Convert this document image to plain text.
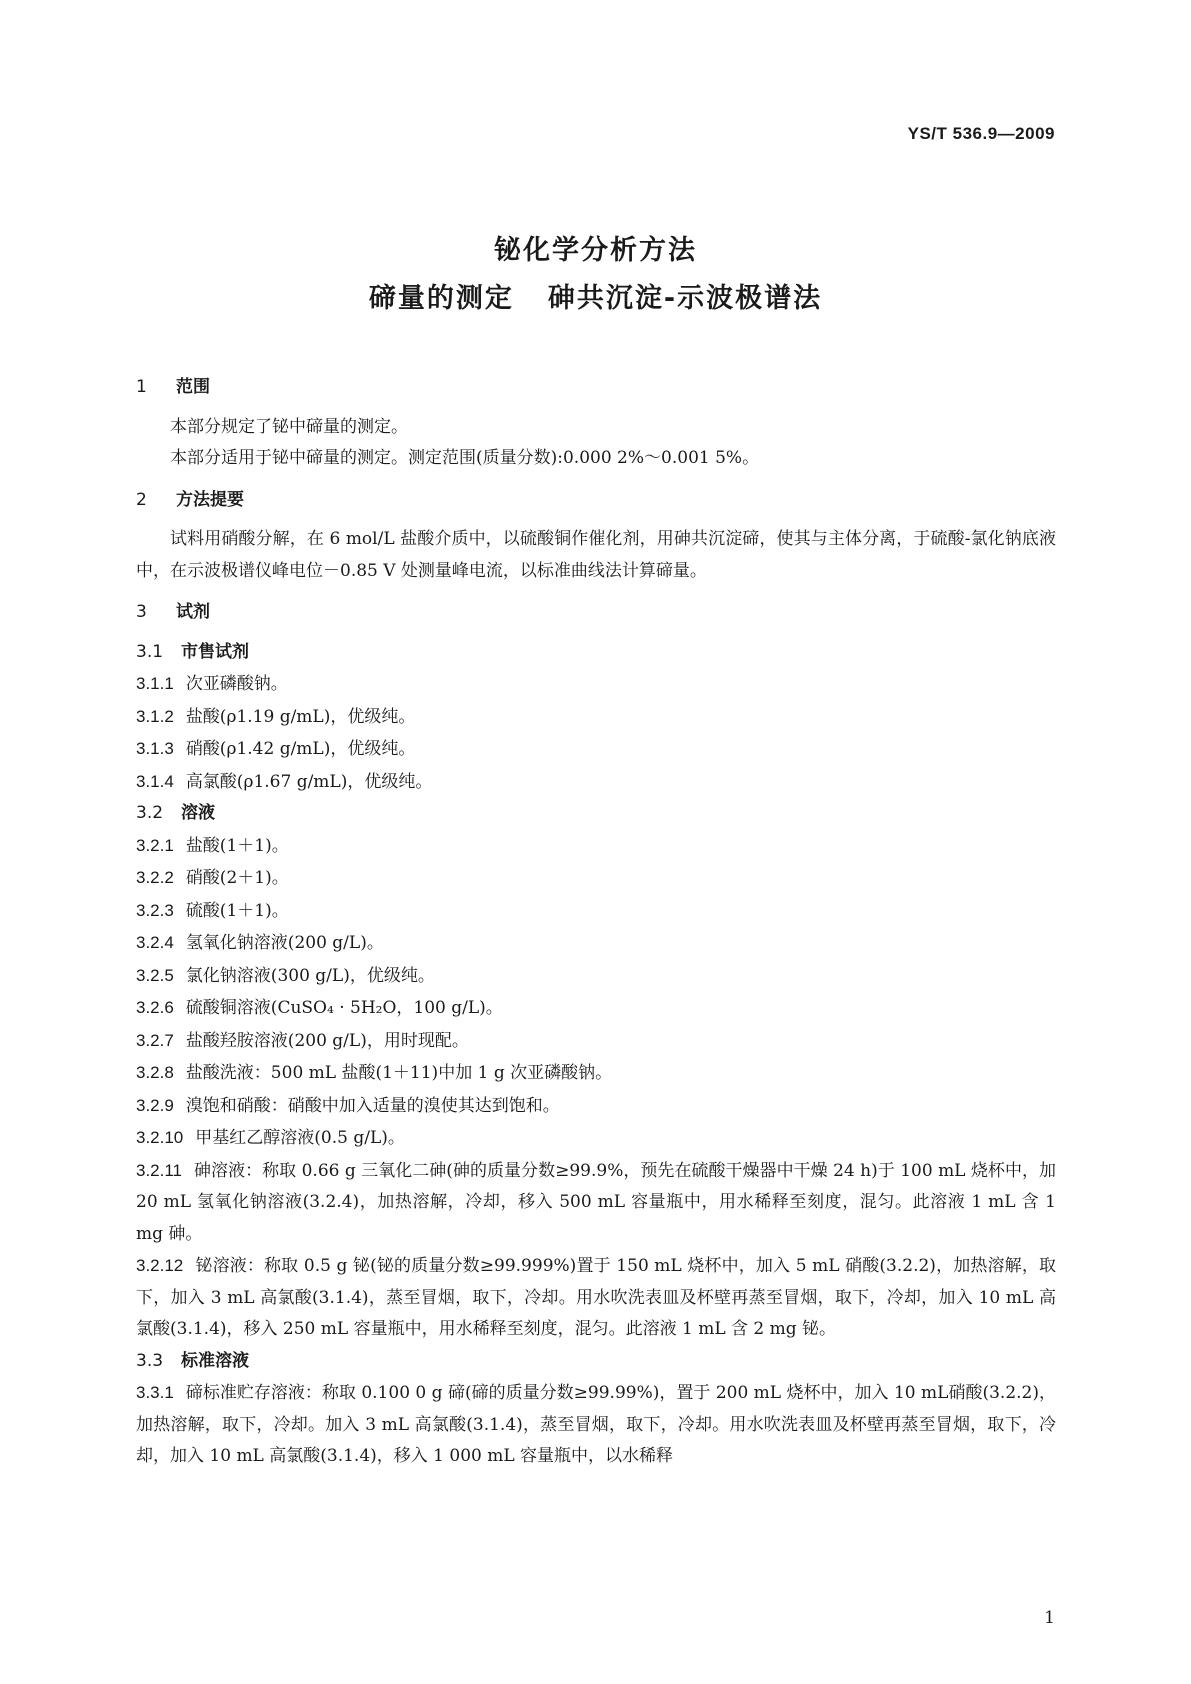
YS/T 536.9—2009
铋化学分析方法
碲量的测定 砷共沉淀-示波极谱法
1 范围
本部分规定了铋中碲量的测定。
本部分适用于铋中碲量的测定。测定范围(质量分数):0.000 2%～0.001 5%。
2 方法提要
试料用硝酸分解，在 6 mol/L 盐酸介质中，以硫酸铜作催化剂，用砷共沉淀碲，使其与主体分离，于硫酸-氯化钠底液中，在示波极谱仪峰电位－0.85 V 处测量峰电流，以标准曲线法计算碲量。
3 试剂
3.1 市售试剂
3.1.1 次亚磷酸钠。
3.1.2 盐酸(ρ1.19 g/mL)，优级纯。
3.1.3 硝酸(ρ1.42 g/mL)，优级纯。
3.1.4 高氯酸(ρ1.67 g/mL)，优级纯。
3.2 溶液
3.2.1 盐酸(1＋1)。
3.2.2 硝酸(2＋1)。
3.2.3 硫酸(1＋1)。
3.2.4 氢氧化钠溶液(200 g/L)。
3.2.5 氯化钠溶液(300 g/L)，优级纯。
3.2.6 硫酸铜溶液(CuSO₄ · 5H₂O，100 g/L)。
3.2.7 盐酸羟胺溶液(200 g/L)，用时现配。
3.2.8 盐酸洗液：500 mL 盐酸(1＋11)中加 1 g 次亚磷酸钠。
3.2.9 溴饱和硝酸：硝酸中加入适量的溴使其达到饱和。
3.2.10 甲基红乙醇溶液(0.5 g/L)。
3.2.11 砷溶液：称取 0.66 g 三氧化二砷(砷的质量分数≥99.9%，预先在硫酸干燥器中干燥 24 h)于 100 mL 烧杯中，加 20 mL 氢氧化钠溶液(3.2.4)，加热溶解，冷却，移入 500 mL 容量瓶中，用水稀释至刻度，混匀。此溶液 1 mL 含 1 mg 砷。
3.2.12 铋溶液：称取 0.5 g 铋(铋的质量分数≥99.999%)置于 150 mL 烧杯中，加入 5 mL 硝酸(3.2.2)，加热溶解，取下，加入 3 mL 高氯酸(3.1.4)，蒸至冒烟，取下，冷却。用水吹洗表皿及杯壁再蒸至冒烟，取下，冷却，加入 10 mL 高氯酸(3.1.4)，移入 250 mL 容量瓶中，用水稀释至刻度，混匀。此溶液 1 mL 含 2 mg 铋。
3.3 标准溶液
3.3.1 碲标准贮存溶液：称取 0.100 0 g 碲(碲的质量分数≥99.99%)，置于 200 mL 烧杯中，加入 10 mL硝酸(3.2.2)，加热溶解，取下，冷却。加入 3 mL 高氯酸(3.1.4)，蒸至冒烟，取下，冷却。用水吹洗表皿及杯壁再蒸至冒烟，取下，冷却，加入 10 mL 高氯酸(3.1.4)，移入 1 000 mL 容量瓶中，以水稀释
1
